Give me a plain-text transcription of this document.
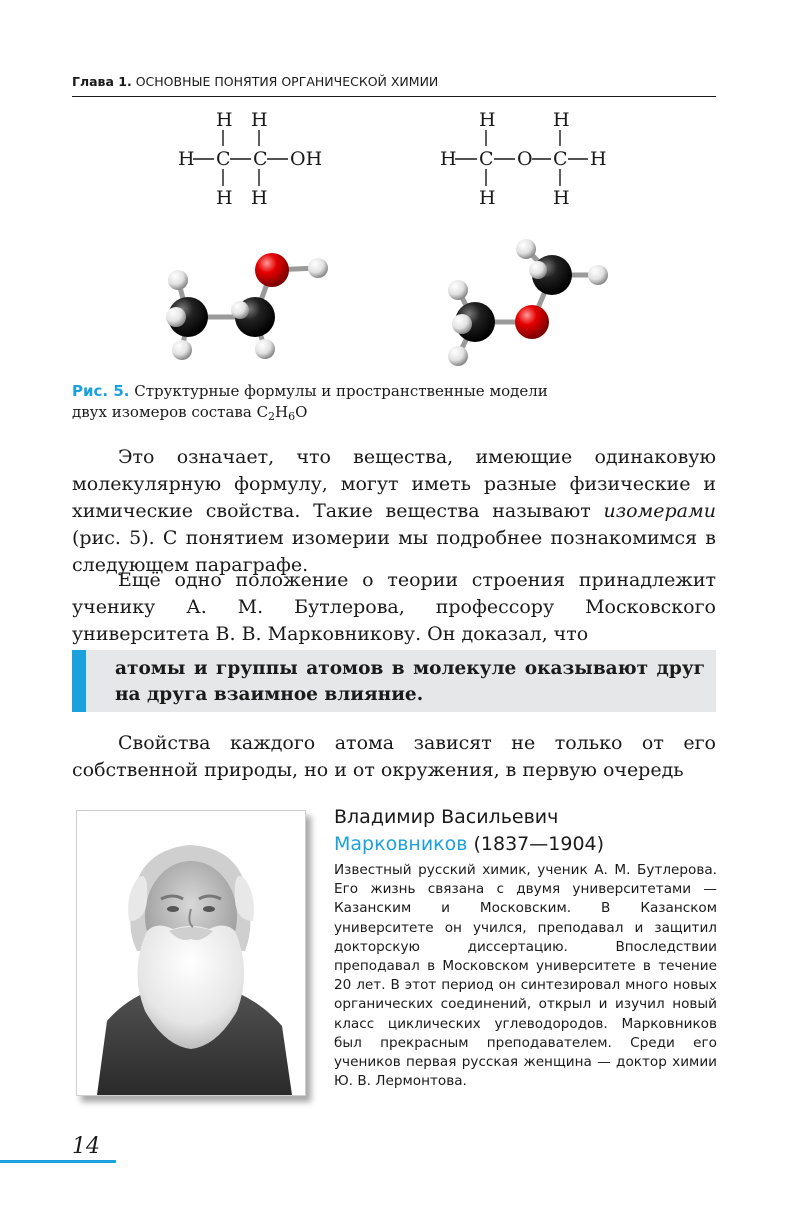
Глава 1. ОСНОВНЫЕ ПОНЯТИЯ ОРГАНИЧЕСКОЙ ХИМИИ
H H
H C C OH
H H
H	H
H C O C H
H	H
Рис. 5. Структурные формулы и пространственные модели
двух изомеров состава $C_2H_6O$

Это означает, что вещества, имеющие одинаковую молекулярную формулу, могут иметь разные физические и химические свойства. Такие вещества называют изомерами (рис. 5). С понятием изомерии мы подробнее познакомимся в следующем параграфе.

Ещё одно положение о теории строения принадлежит ученику А. М. Бутлерова, профессору Московского университета В. В. Марковникову. Он доказал, что

атомы и группы атомов в молекуле оказывают друг на друга взаимное влияние.

Свойства каждого атома зависят не только от его собственной природы, но и от окружения, в первую очередь

Владимир Васильевич
Марковников (1837—1904)
Известный русский химик, ученик А. М. Бутлерова. Его жизнь связана с двумя университетами — Казанским и Московским. В Казанском университете он учился, преподавал и защитил докторскую диссертацию. Впоследствии преподавал в Московском университете в течение 20 лет. В этот период он синтезировал много новых органических соединений, открыл и изучил новый класс циклических углеводородов. Марковников был прекрасным преподавателем. Среди его учеников первая русская женщина — доктор химии Ю. В. Лермонтова.
14
